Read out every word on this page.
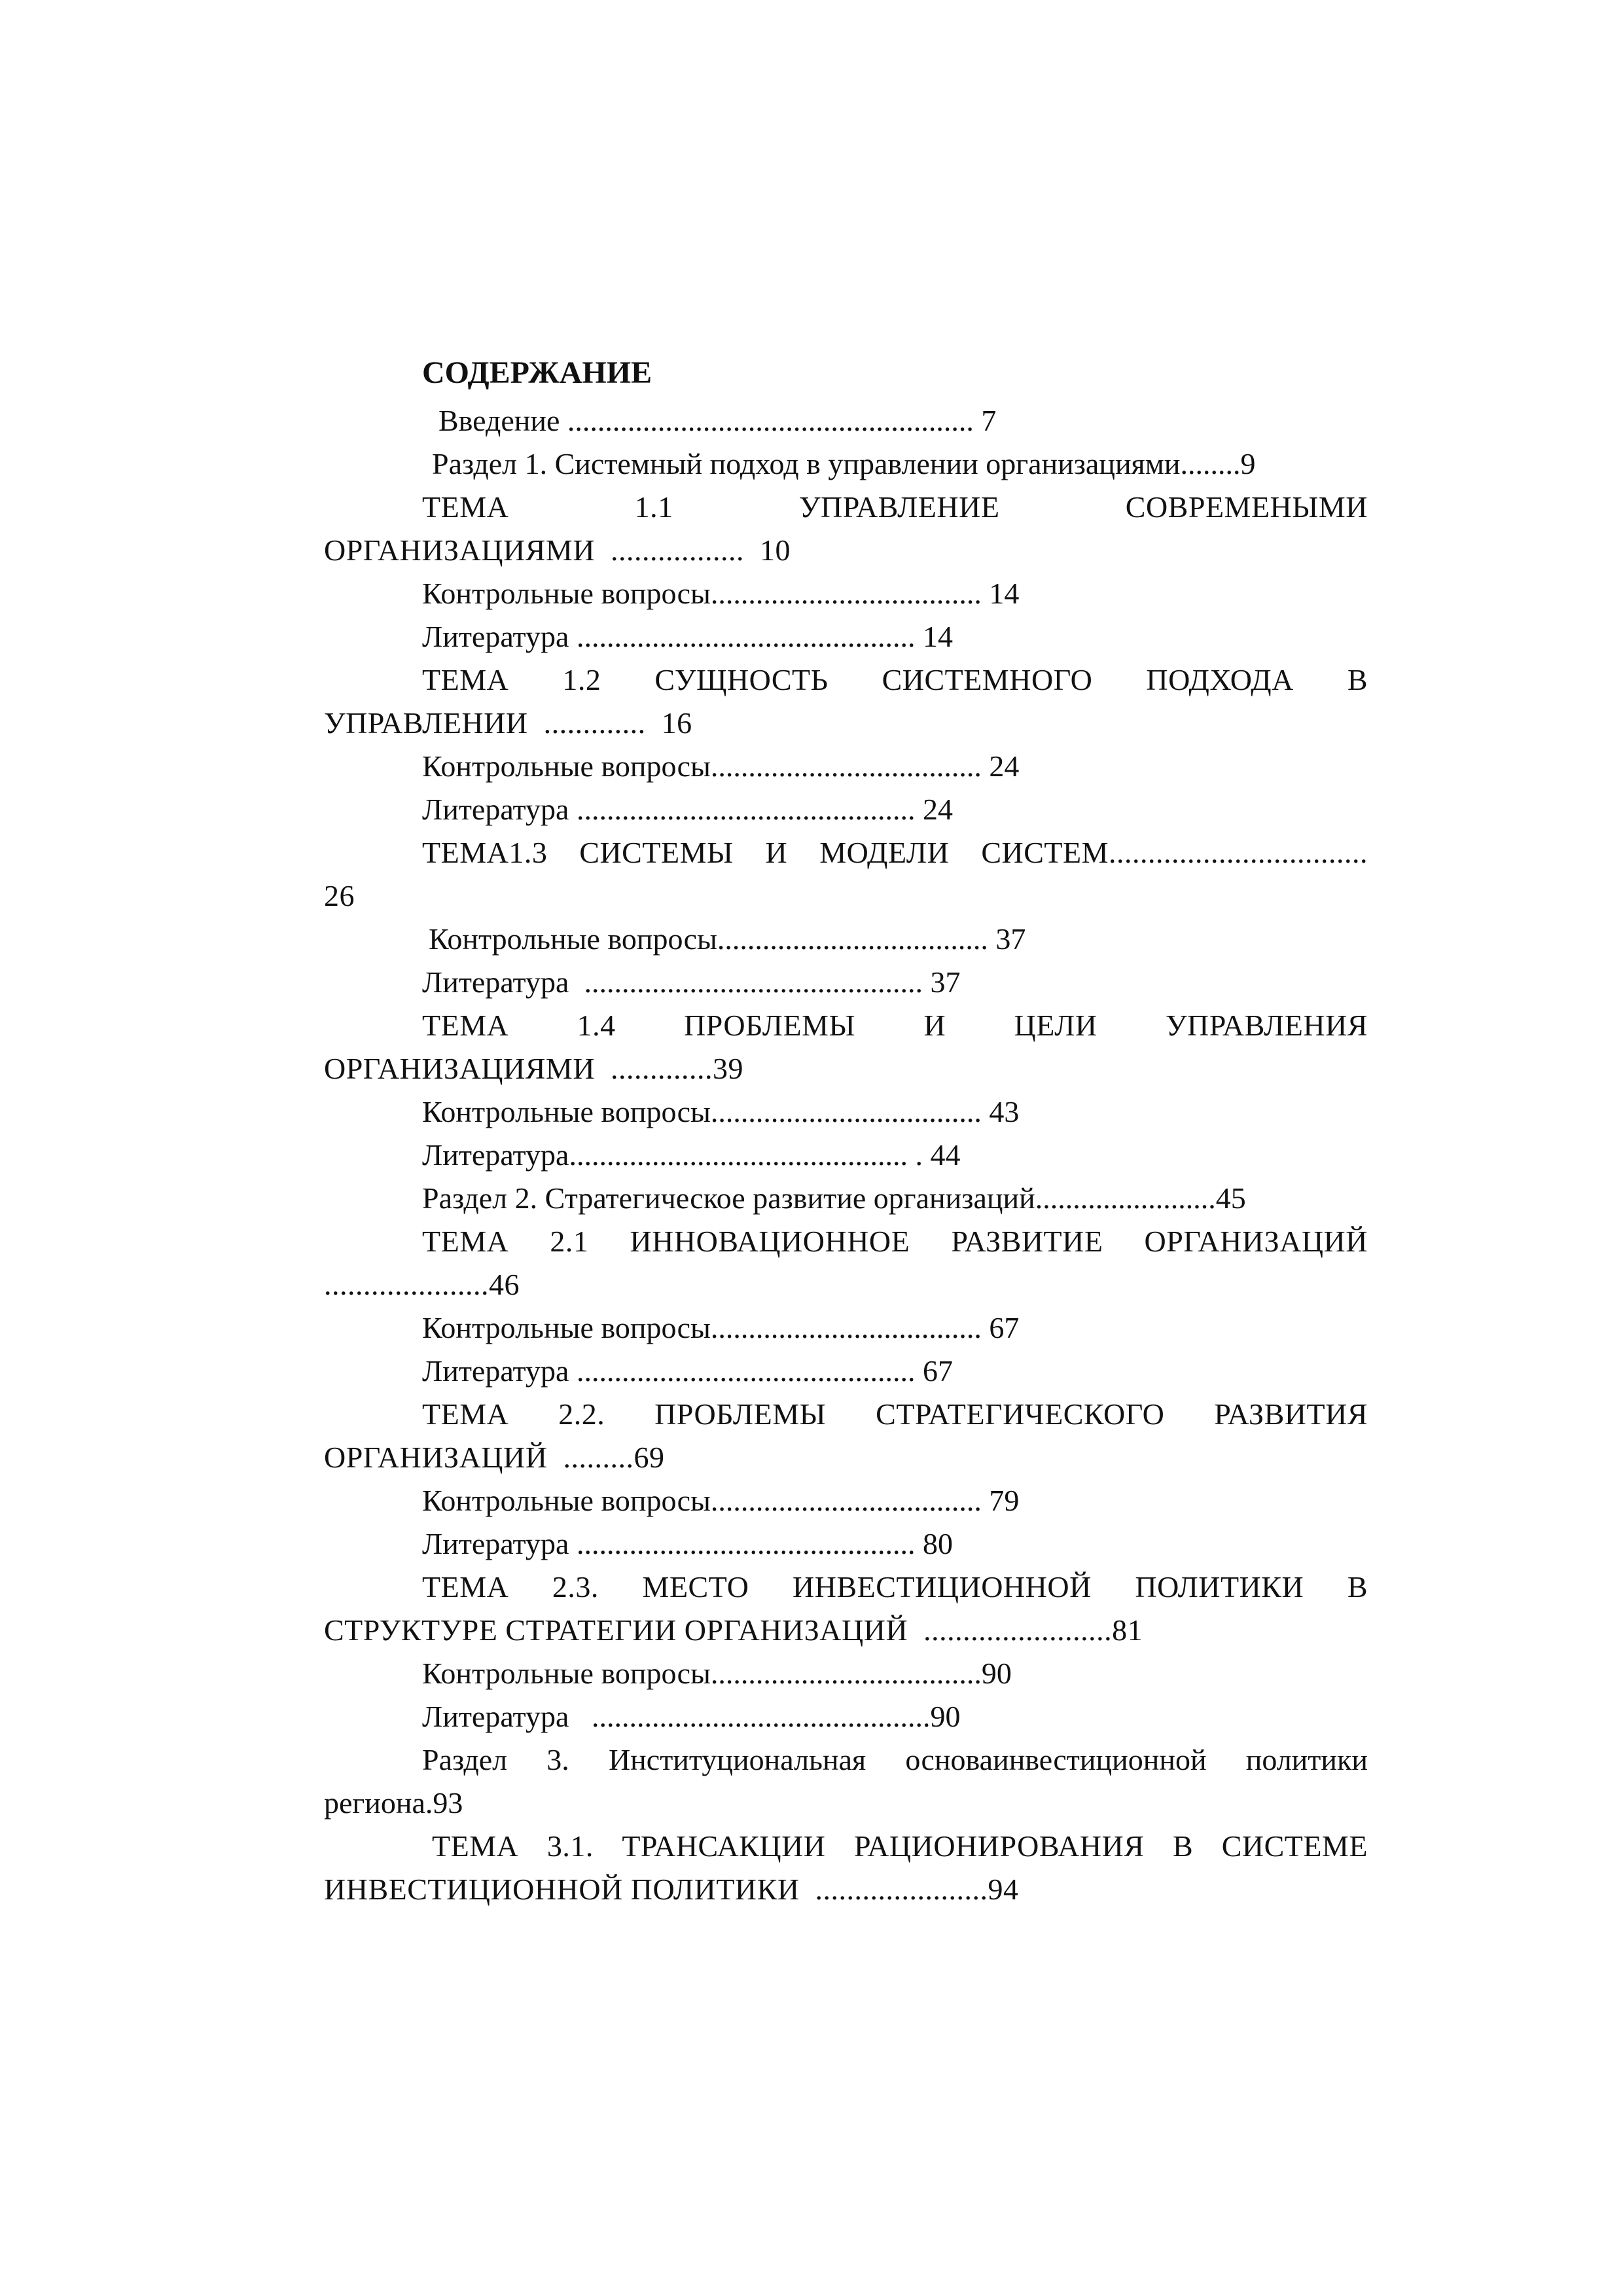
СОДЕРЖАНИЕ
Введение ...................................................... 7
Раздел 1. Системный подход в управлении организациями........9
ТЕМА 1.1 УПРАВЛЕНИЕ СОВРЕМЕНЫМИ
ОРГАНИЗАЦИЯМИ  .................  10
Контрольные вопросы.................................... 14
Литература ............................................. 14
ТЕМА 1.2 СУЩНОСТЬ СИСТЕМНОГО ПОДХОДА В
УПРАВЛЕНИИ  .............  16
Контрольные вопросы.................................... 24
Литература ............................................. 24
ТЕМА1.3 СИСТЕМЫ И МОДЕЛИ СИСТЕМ.................................
26
Контрольные вопросы.................................... 37
Литература  ............................................. 37
ТЕМА 1.4 ПРОБЛЕМЫ И ЦЕЛИ УПРАВЛЕНИЯ
ОРГАНИЗАЦИЯМИ  .............39
Контрольные вопросы.................................... 43
Литература............................................. . 44
Раздел 2. Стратегическое развитие организаций........................45
ТЕМА 2.1 ИННОВАЦИОННОЕ РАЗВИТИЕ ОРГАНИЗАЦИЙ
.....................46
Контрольные вопросы.................................... 67
Литература ............................................. 67
ТЕМА 2.2. ПРОБЛЕМЫ СТРАТЕГИЧЕСКОГО РАЗВИТИЯ
ОРГАНИЗАЦИЙ  .........69
Контрольные вопросы.................................... 79
Литература ............................................. 80
ТЕМА 2.3. МЕСТО ИНВЕСТИЦИОННОЙ ПОЛИТИКИ В
СТРУКТУРЕ СТРАТЕГИИ ОРГАНИЗАЦИЙ  ........................81
Контрольные вопросы....................................90
Литература   .............................................90
Раздел 3. Институциональная основаинвестиционной политики
региона.93
ТЕМА 3.1. ТРАНСАКЦИИ РАЦИОНИРОВАНИЯ В СИСТЕМЕ
ИНВЕСТИЦИОННОЙ ПОЛИТИКИ  ......................94
